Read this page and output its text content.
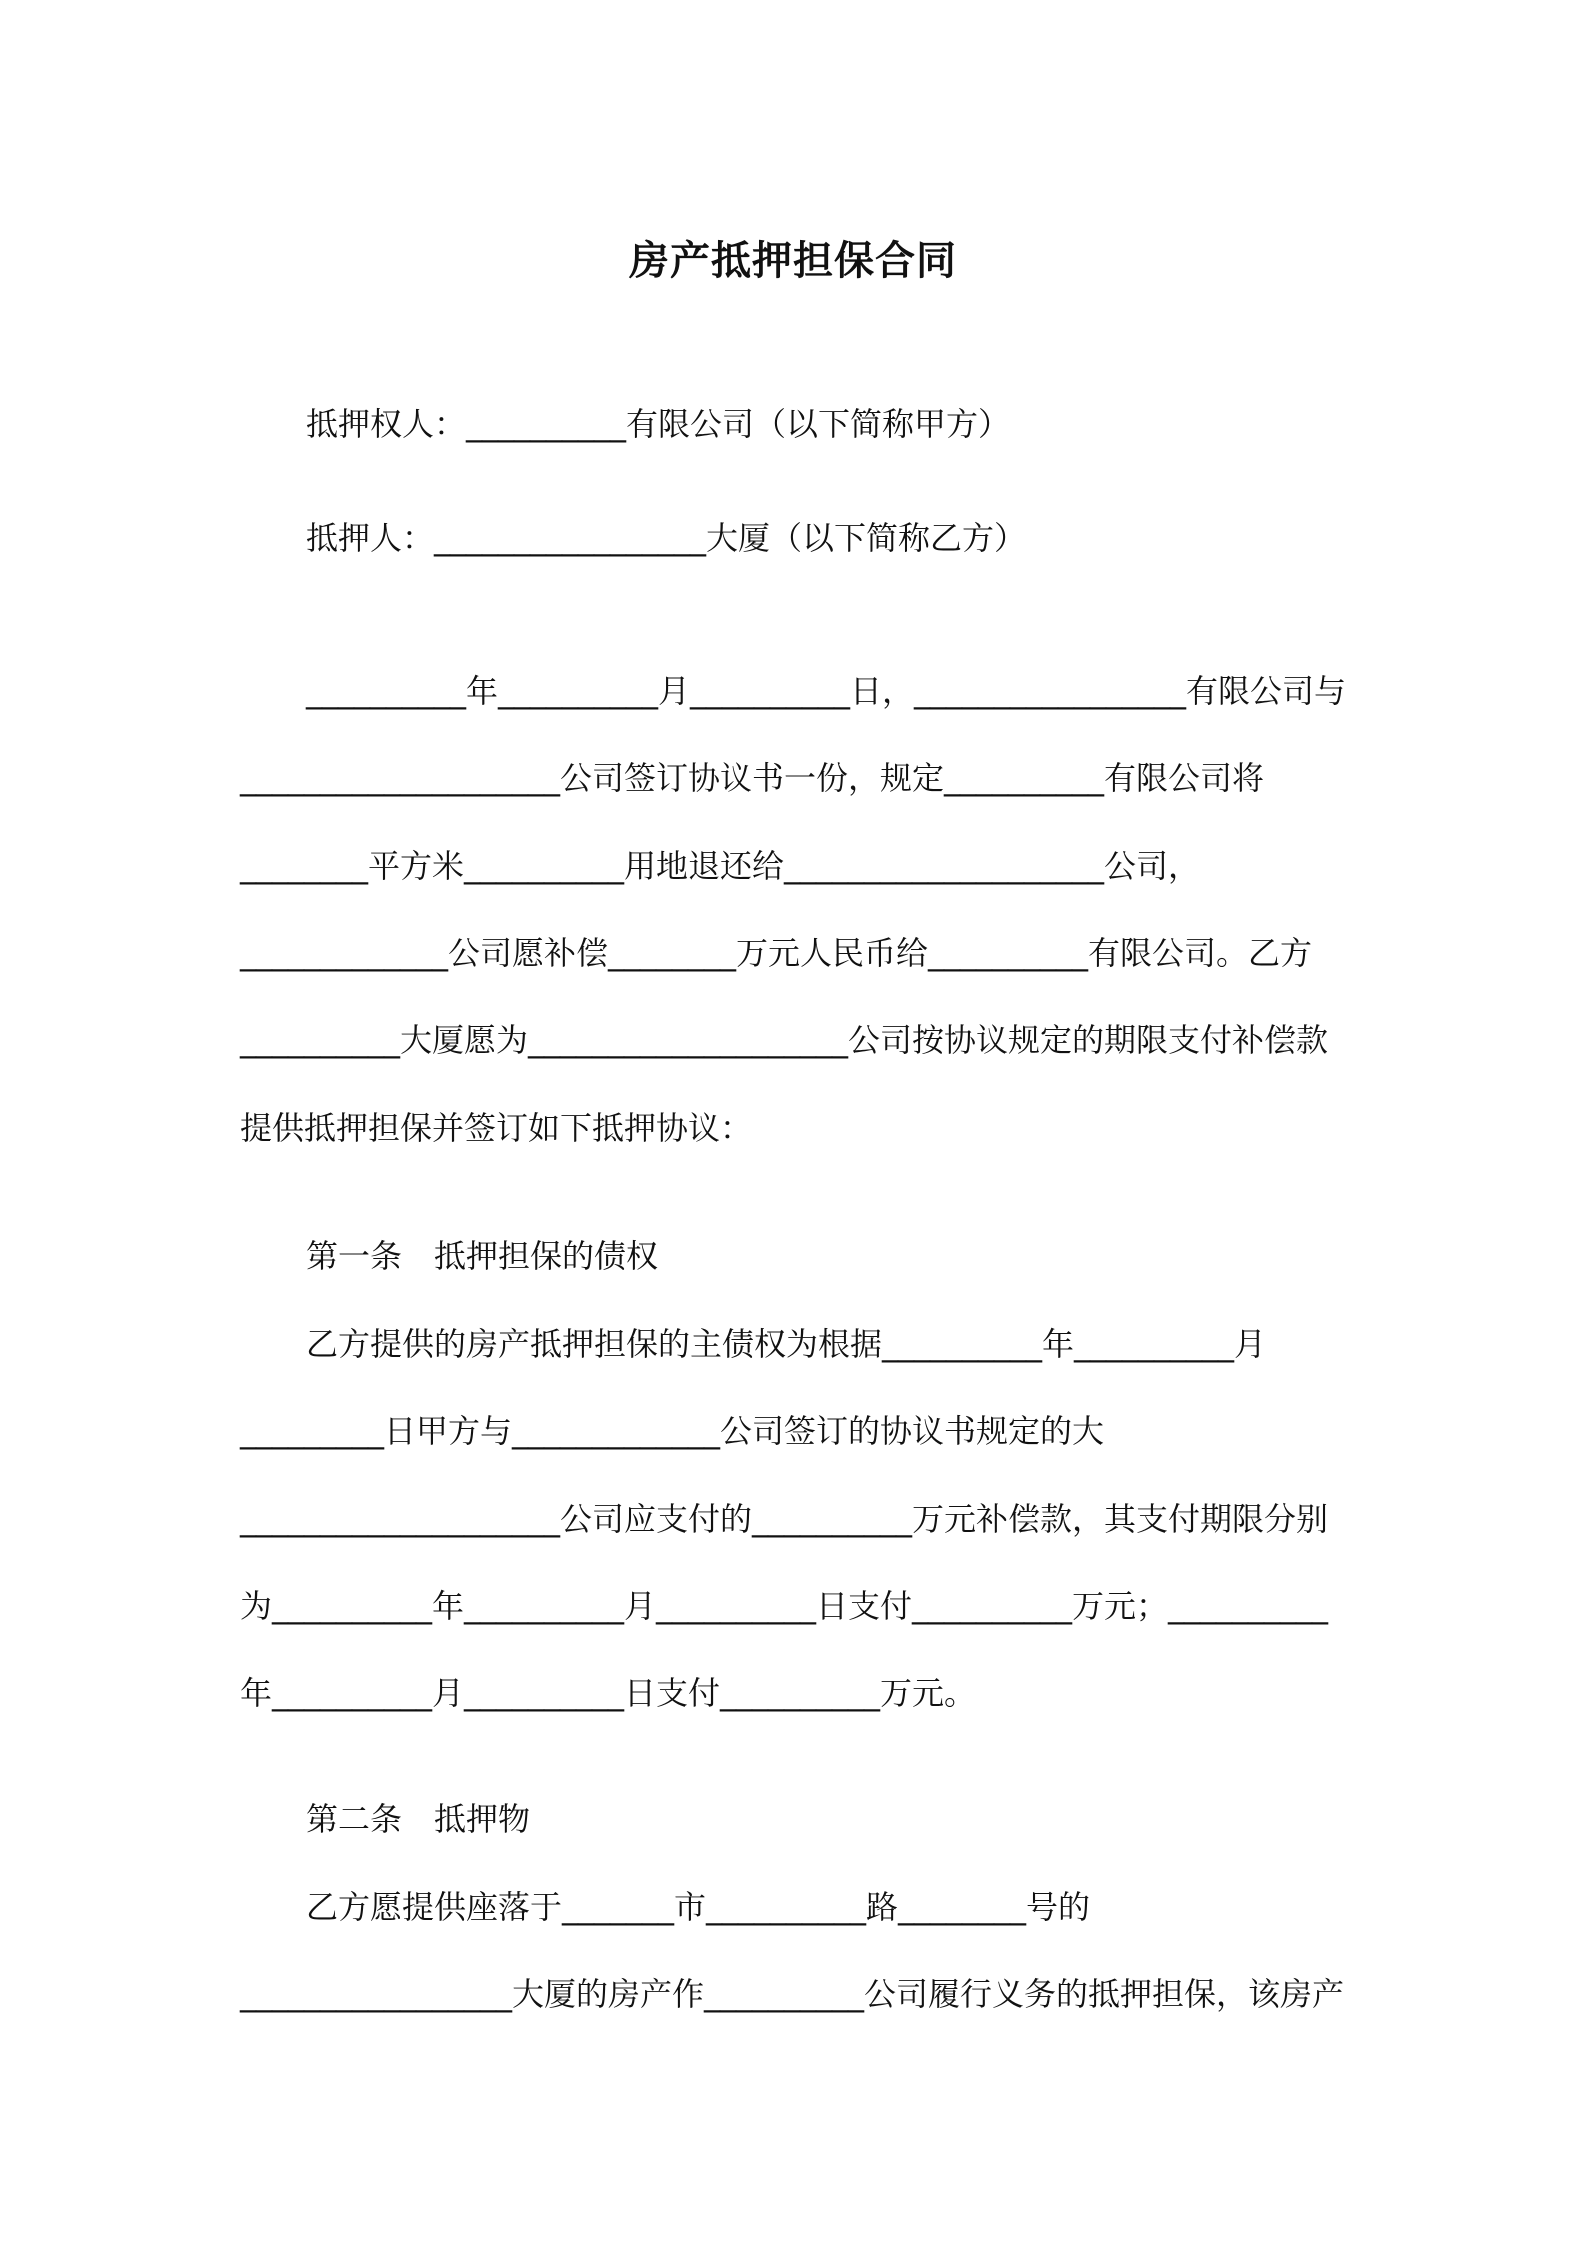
房产抵押担保合同
抵押权人：__________有限公司（以下简称甲方）
抵押人：_________________大厦（以下简称乙方）
__________年__________月__________日，_________________有限公司与
____________________公司签订协议书一份，规定__________有限公司将
________平方米__________用地退还给____________________公司，
_____________公司愿补偿________万元人民币给__________有限公司。乙方
__________大厦愿为____________________公司按协议规定的期限支付补偿款
提供抵押担保并签订如下抵押协议：
第一条　抵押担保的债权
乙方提供的房产抵押担保的主债权为根据__________年__________月
_________日甲方与_____________公司签订的协议书规定的大
____________________公司应支付的__________万元补偿款，其支付期限分别
为__________年__________月__________日支付__________万元；__________
年__________月__________日支付__________万元。
第二条　抵押物
乙方愿提供座落于_______市__________路________号的
_________________大厦的房产作__________公司履行义务的抵押担保，该房产
